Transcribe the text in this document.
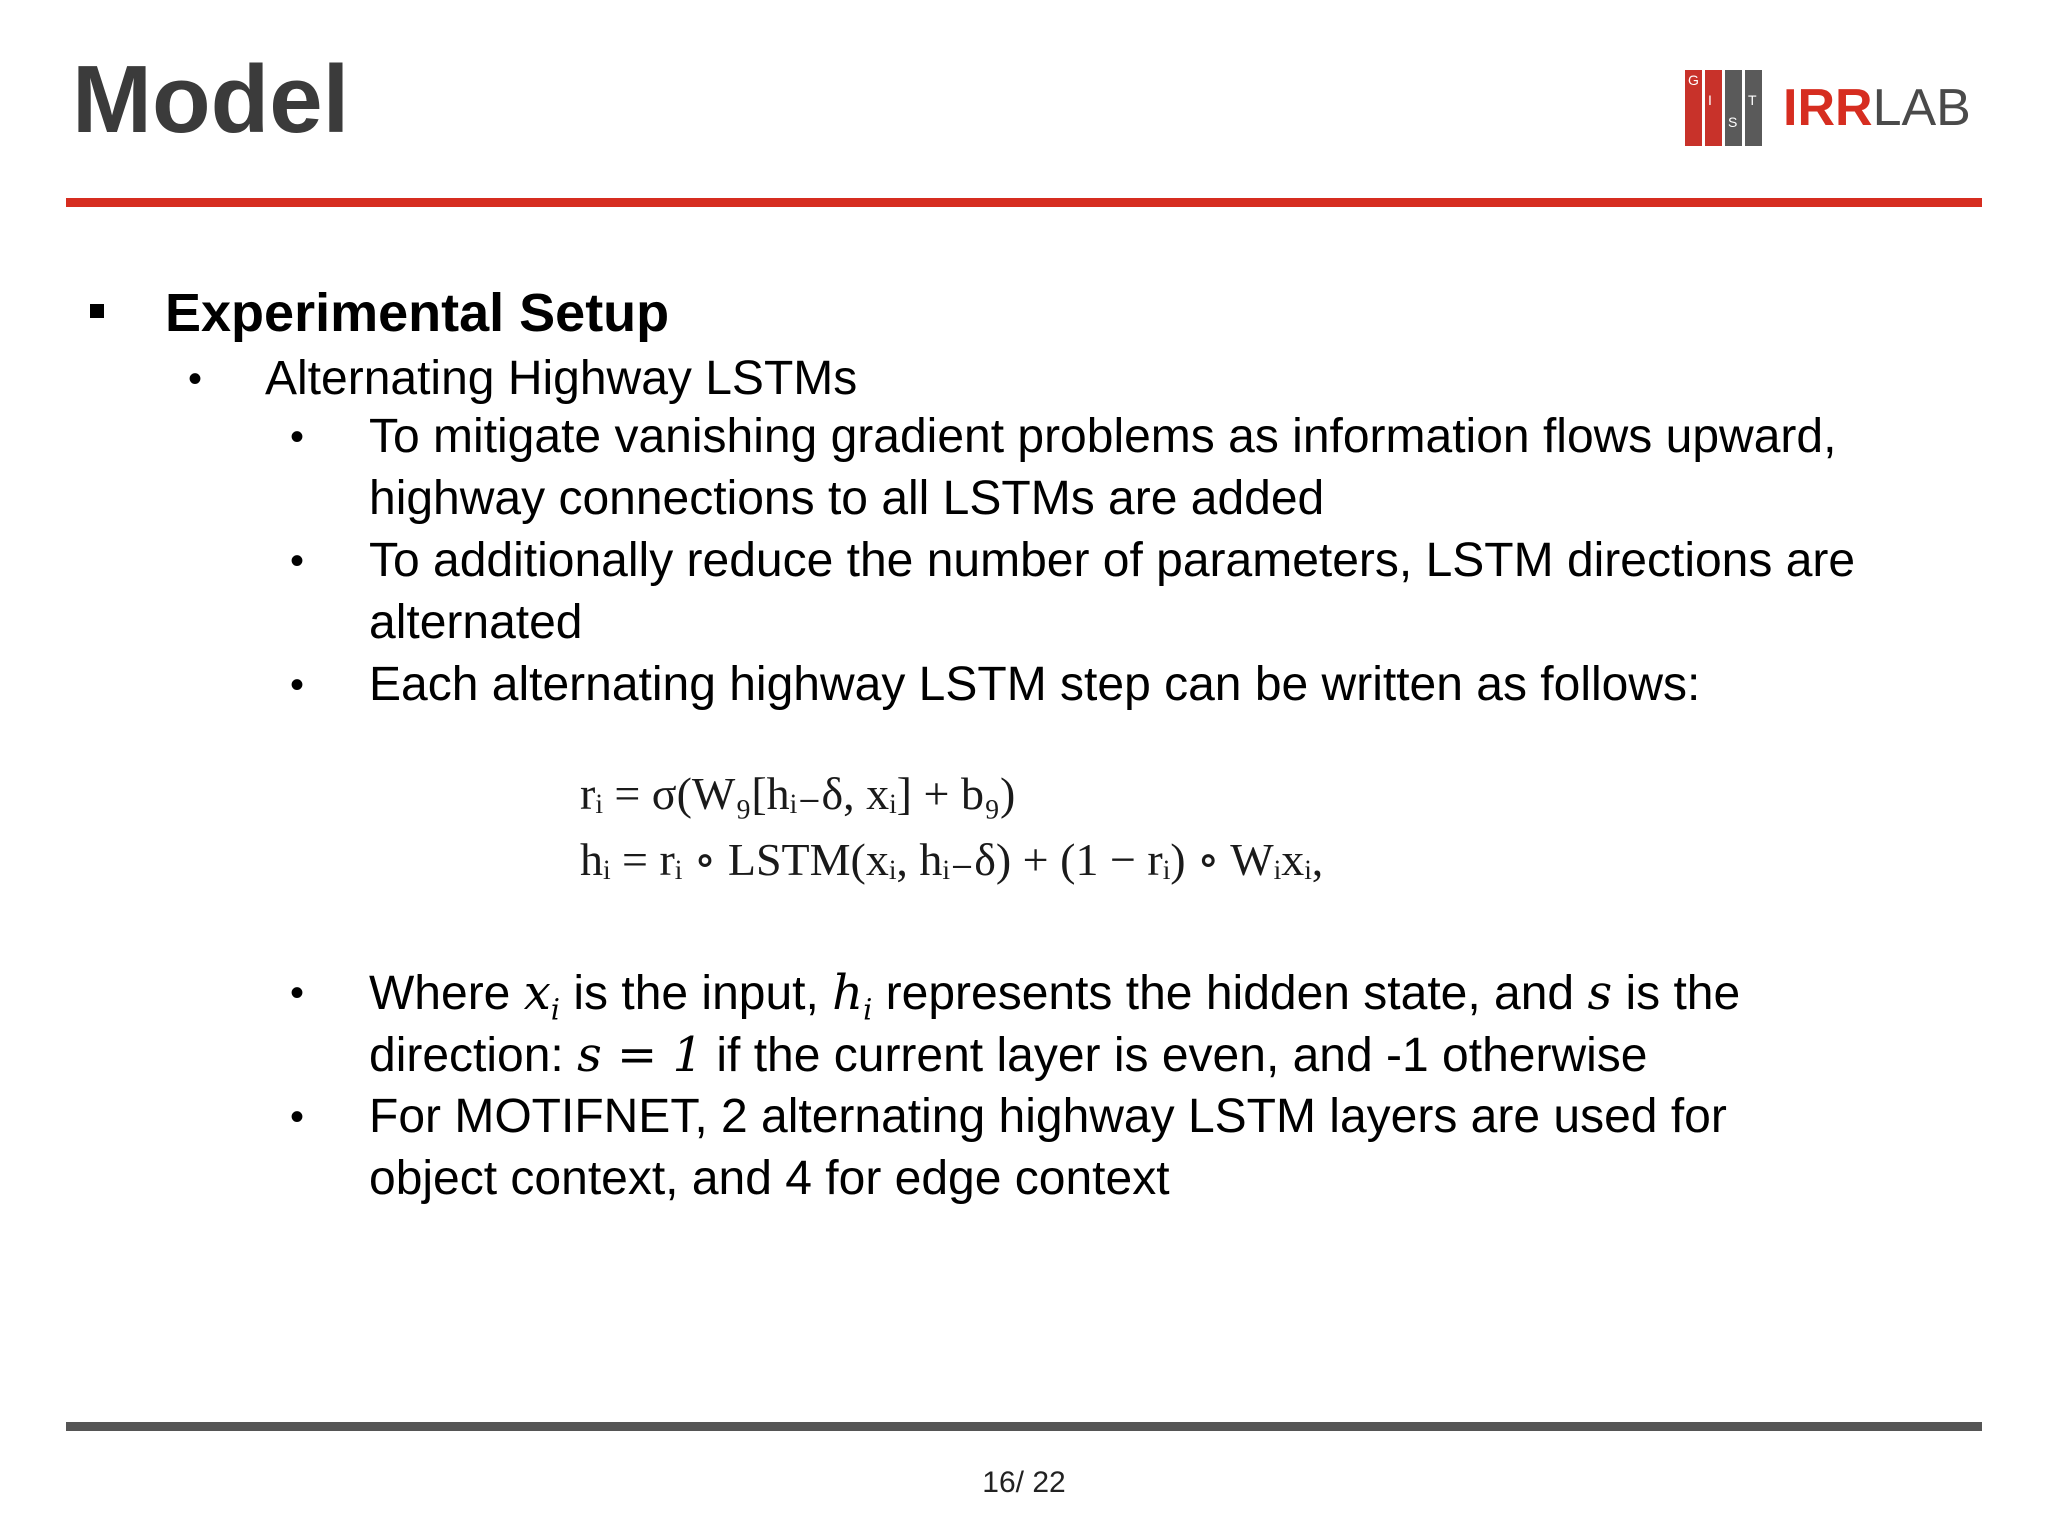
Model	G
I
S
T IRRLAB
Experimental Setup
• Alternating Highway LSTMs
• To mitigate vanishing gradient problems as information flows upward,
highway connections to all LSTMs are added
• To additionally reduce the number of parameters, LSTM directions are
alternated
• Each alternating highway LSTM step can be written as follows:
rᵢ = σ(W₉[hᵢ₋δ, xᵢ] + b₉)
hᵢ = rᵢ ∘ LSTM(xᵢ, hᵢ₋δ) + (1 − rᵢ) ∘ Wᵢxᵢ,
• Where $x_i$ is the input, $h_i$ represents the hidden state, and s is the
direction: s = 1 if the current layer is even, and -1 otherwise
• For MOTIFNET, 2 alternating highway LSTM layers are used for
object context, and 4 for edge context
16/ 22
